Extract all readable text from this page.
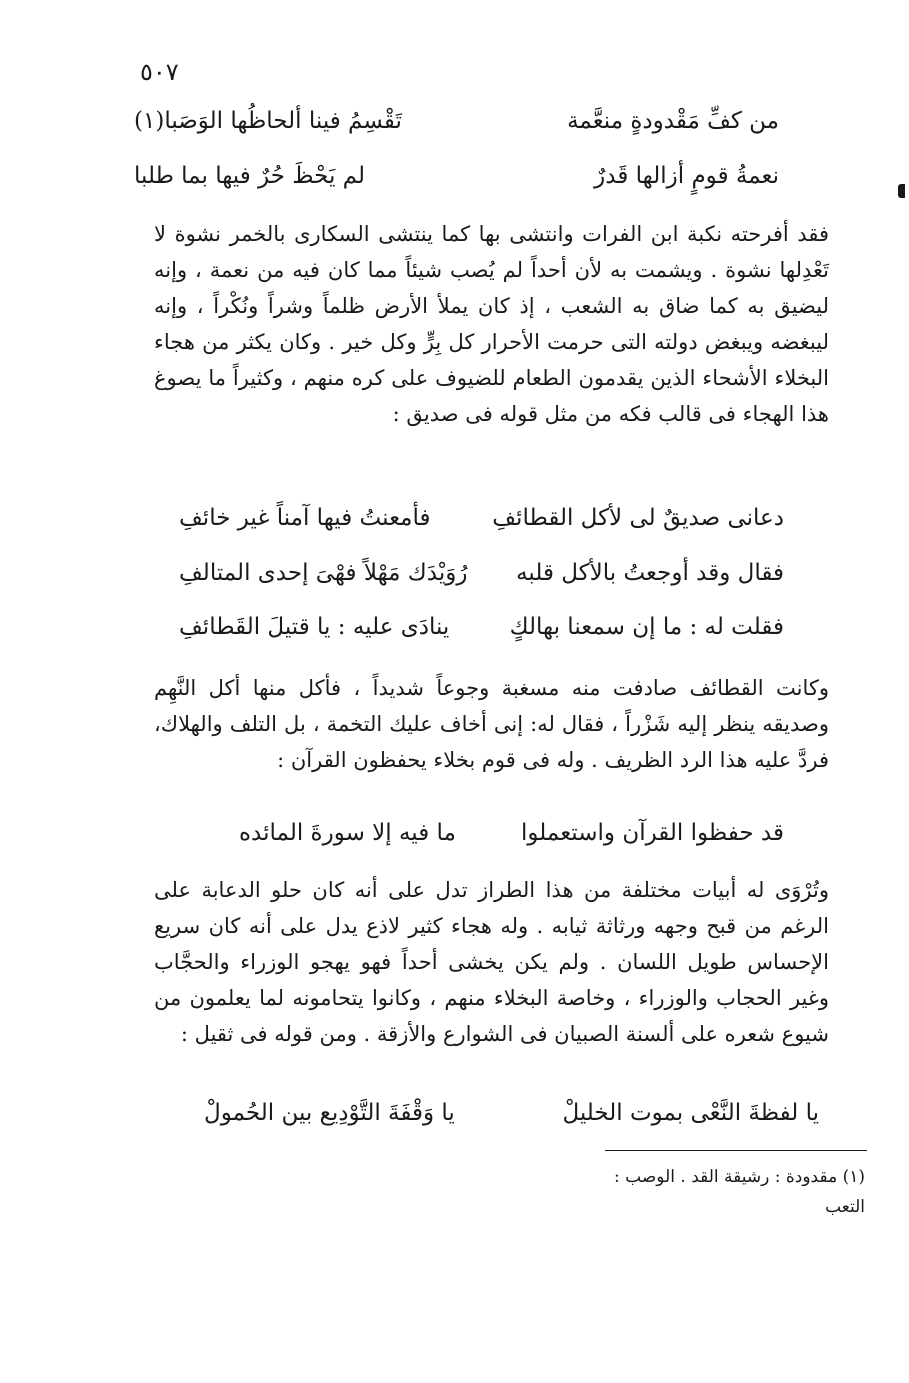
٥٠٧
من كفِّ مَقْدودةٍ منعَّمة
تَقْسِمُ فينا ألحاظُها الوَصَبا(١)
نعمةُ قومٍ أزالها قَدرٌ
لم يَحْظَ حُرٌ فيها بما طلبا
فقد أفرحته نكبة ابن الفرات وانتشى بها كما ينتشى السكارى بالخمر نشوة لا تَعْدِلها نشوة . ويشمت به لأن أحداً لم يُصب شيئاً مما كان فيه من نعمة ، وإنه ليضيق به كما ضاق به الشعب ، إذ كان يملأ الأرض ظلماً وشراً ونُكْراً ، وإنه ليبغضه ويبغض دولته التى حرمت الأحرار كل بِرٍّ وكل خير . وكان يكثر من هجاء البخلاء الأشحاء الذين يقدمون الطعام للضيوف على كره منهم ، وكثيراً ما يصوغ هذا الهجاء فى قالب فكه من مثل قوله فى صديق :
دعانى صديقٌ لى لأكل القطائفِ
فأمعنتُ فيها آمناً غير خائفِ
فقال وقد أوجعتُ بالأكل قلبه
رُوَيْدَك مَهْلاً فهْىَ إحدى المتالفِ
فقلت له : ما إن سمعنا بهالكٍ
ينادَى عليه : يا قتيلَ القَطائفِ
وكانت القطائف صادفت منه مسغبة وجوعاً شديداً ، فأكل منها أكل النَّهِم وصديقه ينظر إليه شَزْراً ، فقال له: إنى أخاف عليك التخمة ، بل التلف والهلاك، فردَّ عليه هذا الرد الظريف . وله فى قوم بخلاء يحفظون القرآن :
قد حفظوا القرآن واستعملوا
ما فيه إلا سورةَ المائده
وتُرْوَى له أبيات مختلفة من هذا الطراز تدل على أنه كان حلو الدعابة على الرغم من قبح وجهه ورثاثة ثيابه . وله هجاء كثير لاذع يدل على أنه كان سريع الإحساس طويل اللسان . ولم يكن يخشى أحداً فهو يهجو الوزراء والحجَّاب وغير الحجاب والوزراء ، وخاصة البخلاء منهم ، وكانوا يتحامونه لما يعلمون من شيوع شعره على ألسنة الصبيان فى الشوارع والأزقة . ومن قوله فى ثقيل :
يا لفظةَ النَّعْى بموت الخليلْ
يا وَقْفَةَ التَّوْدِيع بين الحُمولْ
(١) مقدودة : رشيقة القد . الوصب : التعب
